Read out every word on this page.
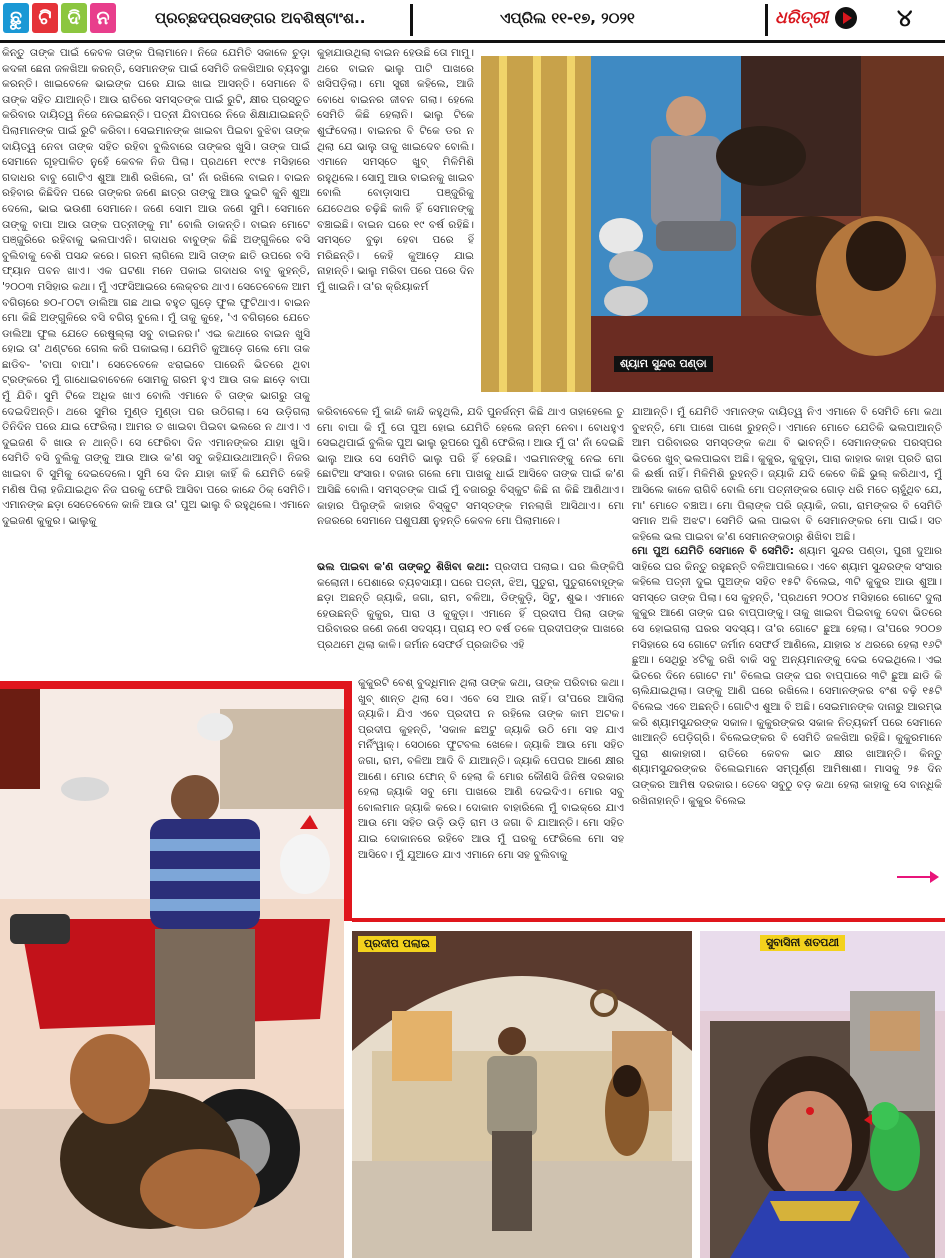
ଛୁ ଟି ଦି ନ	ପ୍ରଚ୍ଛଦପ୍ରସଙ୍ଗର ଅବଶିଷ୍ଟାଂଶ..	ଏପ୍ରିଲ ୧୧-୧୭, ୨୦୨୧	ଧରିତ୍ରୀ	୪

କିନ୍ତୁ ତାଙ୍କ ପାଇଁ କେବଳ ତାଙ୍କ ପିଲାମାନେ। ନିଜେ ଯେମିତି ସକାଳେ ଚୁଡ଼ା କଦଳୀ ଛେନା ଜଳଖିଆ କରନ୍ତି, ସେମାନଙ୍କ ପାଇଁ ସେମିତି ଜଳଖିଆର ବ୍ୟବସ୍ଥା କରନ୍ତି। ଖାଇବେଳେ ଭାଇଙ୍କ ଘରେ ଯାଇ ଖାଇ ଆସନ୍ତି। ସେମାନେ ବି ତାଙ୍କ ସହିତ ଯାଆନ୍ତି। ଆଉ ରାତିରେ ସମସ୍ତଙ୍କ ପାଇଁ ରୁଟି, କ୍ଷୀର ପ୍ରସ୍ତୁତ କରିବାର ଦାୟିତ୍ୱ ନିଜେ ନେଇଛନ୍ତି। ପତ୍ନୀ ଯିବାପରେ ନିଜେ ଶିକ୍ଷାଯାଇଛନ୍ତି ପିଲାମାନଙ୍କ ପାଇଁ ରୁଟି କରିବା। ସେଇମାନଙ୍କ ଖାଇବା ପିଇବା ବୁଝିବା ତାଙ୍କ ଦାୟିତ୍ୱ ନେବା ତାଙ୍କ ସହିତ ରହିବା ବୁଲିବାରେ ତାଙ୍କର ଖୁସି। ତାଙ୍କ ପାଇଁ ସେମାନେ ଗୃହପାଳିତ ନୁହେଁ କେବଳ ନିଜ ପିଲା। ପ୍ରଥମେ ୧୯୯୫ ମସିହାରେ ଗଦାଧର ବାବୁ ଗୋଟିଏ ଶୁଆ ଆଣି ରଖିଲେ, ତା' ନାଁ ରଖିଲେ ବାଇନ। ବାଇନ ରହିବାର କିଛିଦିନ ପରେ ତାଙ୍କର ଜଣେ ଛାତ୍ର ତାଙ୍କୁ ଆଉ ଦୁଇଟି କୁନି ଶୁଆ ଦେଲେ, ଭାଇ ଭଉଣୀ ସେମାନେ। ଜଣେ ସୋମ ଆଉ ଜଣେ ସୁମି। ସେମାନେ ତାଙ୍କୁ ବାପା ଆଉ ତାଙ୍କ ପତ୍ନୀଙ୍କୁ ମା' ବୋଲି ଡାକନ୍ତି। ବାଇନ ମୋଟେ ପଞ୍ଜୁରିରେ ରହିବାକୁ ଭଲପାଏନି। ଗଦାଧର ବାବୁଙ୍କ କିଛି ଅଙ୍ଗୁଳିରେ ବସି ବୁଲିବାକୁ ବେଶି ପସନ୍ଦ କରେ। ଗରମ ଲାଗିଲେ ଆସି ତାଙ୍କ ଛାତି ଉପରେ ବସି ଫ୍ୟାନ ପବନ ଖାଏ। ଏକ ଘଟଣା ମନେ ପକାଇ ଗଦାଧର ବାବୁ କୁହନ୍ତି, '୨୦୦୩ ମସିହାର କଥା। ମୁଁ ଏଫସିଆଇରେ ଲେକ୍ଚର ଥାଏ। ସେତେବେଳେ ଆମ ବଗିଚାରେ ୭୦-୮୦ଟା ଡାଲିଆ ଗଛ ଥାଇ ବହୁତ ଗୁଡ଼େ ଫୁଲ ଫୁଟିଥାଏ। ବାଇନ ମୋ କିଛି ଅଙ୍ଗୁଳିରେ ବସି ବଗିଚା ବୁଲେ। ମୁଁ ତାକୁ କୁହେ, 'ଏ ବଗିଚାରେ ଯେତେ ଡାଲିଆ ଫୁଲ ଯେତେ ରେଷୁଲ୍ଲା ସବୁ ବାଇନର।' ଏଇ କଥାରେ ବାଇନ ଖୁସି ହୋଇ ତା' ଥଣ୍ଟରେ ଗେଲ କରି ପକାଇଲା। ଯେମିତି କୁଆଡ଼େ ଗଲେ ମୋ ତାକ ଛାଡିବ- 'ବାପା ବାପା'। ସେତେବେଳେ ଝରାଇବେ ପାରେନି ଭିତରେ ଥିବା ଟ୍ରଙ୍କରେ ମୁଁ ଗାଧୋଇବାବେଳେ ସୋମକୁ ଗରମ ହୁଏ ଆଉ ତାକ ଛାଡ଼େ ବାପା ମୁଁ ଯିବି। ସୁମି ଟିକେ ଅଧିକ ଖାଏ ବୋଲି ଏମାନେ ବି ତାଙ୍କ ଭାଗରୁ ତାକୁ ଦେଇଦିଅନ୍ତି। ଥରେ ସୁମିର ମୁଣ୍ଡ ମୁଣ୍ଡା ପର ଉଠିଗଲା। ସେ ଉଡ଼ିଗଲା ତିନିଦିନ ପରେ ଯାଇ ଫେରିଲା। ଆମର ତ ଖାଇବା ପିଇବା ଭଲରେ ନ ଥାଏ। ଏ ଦୁଇଜଣ ବି ଖାଉ ନ ଥାନ୍ତି। ସେ ଫେରିବା ଦିନ ଏମାନଙ୍କର ଯାହା ଖୁସି। ସେମିତି ବସି ବୁଲିକୁ ତାଙ୍କୁ ଆଉ ଆଉ କ'ଣ ସବୁ କହିଯାଉଥାଆନ୍ତି। ନିଜର ଖାଇବା ବି ସୁମିକୁ ଦେଇଦେଲେ। ସୁମି ସେ ଦିନ ଯାହା କାହିଁ କି ଯେମିତି କେହି ମଣିଷ ପିଲା ହଜିଯାଇଥିବ ନିଜ ଘରକୁ ଫେରି ଆସିବା ପରେ କାନ୍ଦେ ଠିକ୍ ସେମିତି। ଏମାନଙ୍କ ଛଡ଼ା ସେତେବେଳେ କାଳି ଆଉ ତା' ପୁଅ ଭାଲୁ ବି ରହୁଥିଲେ। ଏମାନେ ଦୁଇଜଣ କୁକୁର। ଭାଲୁକୁ

କୁହାଯାଉଥିଲା ବାଇନ ହେଉଛି ତୋ ମାମୁ। ଥରେ ବାଇନ ଭାଲୁ ପାଟି ପାଖରେ ଖସିପଡ଼ିଲା। ମୋ ସ୍ତ୍ରୀ କହିଲେ, ଆଜି ବୋଧେ ବାଇନର ଜୀବନ ଗଲା। ହେଲେ ସେମିତି କିଛି ହେଲାନି। ଭାଲୁ ଟିକେ ଶୁଙ୍ଘିଦେଲା। ବାଇନର ବି ଟିକେ ଡର ନ ଥିଲା ଯେ ଭାଲୁ ତାକୁ ଖାଇଦେବ ବୋଲି। ଏମାନେ ସମସ୍ତେ ଖୁବ୍ ମିଳିମିଶି ରହୁଥିଲେ। ସୋମୁ ଆଉ ବାଇନକୁ ଖାଇବ ବୋଲି ବୋଡ଼ାସାପ ପଞ୍ଜୁରିକୁ ଯେତେଥର ଚଢ଼ିଛି କାଳି ହିଁ ସେମାନଙ୍କୁ ବଞ୍ଚାଇଛି। ବାଇନ ଘରେ ୧୯ ବର୍ଷ ରହିଛି। ସମସ୍ତେ ବୁଢ଼ା ହେବା ପରେ ହିଁ ମରିଛନ୍ତି। କେହି କୁଆଡ଼େ ଯାଇ ନାହାନ୍ତି। ଭାଲୁ ମରିବା ପରେ ପରେ ଦିନ ମୁଁ ଖାଇନି। ତା'ର କ୍ରିୟାକର୍ମ

ଶ୍ୟାମ ସୁନ୍ଦର ପଣ୍ଡା

କରିବାବେଳେ ମୁଁ କାନ୍ଦି କାନ୍ଦି କହୁଥିଲି, ଯଦି ପୁନର୍ଜନ୍ମ କିଛି ଥାଏ ତାହାହେଲେ ତୁ ମୋ ବାପା କି ମୁଁ ତୋ ପୁଅ ହୋଇ ଯେମିତି ହେଲେ ଜନ୍ମ ନେବା। ବୋଧହୁଏ ସେଇଥିପାଇଁ ବୁଲିକ ପୁଅ ଭାଲୁ ରୂପରେ ପୁଣି ଫେରିଲା। ଆଉ ମୁଁ ତା' ନାଁ ଦେଇଛି ଭାଲୁ ଆଉ ସେ ସେମିତି ଭାଲୁ ପରି ହିଁ ହେଉଛି। ଏଇମାନଙ୍କୁ ନେଇ ମୋ ଛୋଟିଆ ସଂସାର। ବଜାର ଗଲେ ମୋ ପାଖକୁ ଧାଇଁ ଆସିବେ ତାଙ୍କ ପାଇଁ କ'ଣ ଆସିଛି ବୋଲି। ସମସ୍ତଙ୍କ ପାଇଁ ମୁଁ ବଜାରରୁ ବିସ୍କୁଟ କିଛି ନା କିଛି ଆଣିଥାଏ। କାହାର ପିଲୁଙ୍କି କାହାର ବିସ୍କୁଟ ସମସ୍ତଙ୍କ ମନଲାଖି ଆସିଥାଏ। ମୋ ନଜରରେ ସେମାନେ ପଶୁପକ୍ଷୀ ନୁହନ୍ତି କେବଳ ମୋ ପିଲାମାନେ।

ଭଲ ପାଇବା କ'ଣ ତାଙ୍କଠୁ ଶିଖିବା କଥା: ପ୍ରଦୀପ ପଲାଇ। ଘର ଲିଙ୍କିପି କଲୋନୀ। ପେଶାରେ ବ୍ୟବସାୟୀ। ଘରେ ପତ୍ନୀ, ଝିଅ, ପୁତୁରା, ପୁତୁରାବୋହୂଙ୍କ ଛଡ଼ା ଅଛନ୍ତି ଜ୍ୟାକି, ଜଗା, ରାମ, ବଳିଆ, ଡିଙ୍କୁଡ଼ି, ସିଟୁ, ଶୁଭ। ଏମାନେ ହେଉଛନ୍ତି କୁକୁର, ପାରା ଓ କୁକୁଡ଼ା। ଏମାନେ ହିଁ ପ୍ରଦୀପ ପିଲା ତାଙ୍କ ପରିବାରର ଜଣେ ଜଣେ ସଦସ୍ୟ। ପ୍ରାୟ ୧୦ ବର୍ଷ ତଳେ ପ୍ରଦୀପଙ୍କ ପାଖରେ ପ୍ରଥମେ ଥିଲା କାଳି। ଜର୍ମାନ ସେଫର୍ଡ ପ୍ରଜାତିର ଏହି

କୁକୁରଟି ବେଶ୍ ବୁଦ୍ଧିମାନ ଥିଲା ତାଙ୍କ କଥା, ତାଙ୍କ ପରିବାର କଥା। ଖୁବ୍ ଶାନ୍ତ ଥିଲା ସେ। ଏବେ ସେ ଆଉ ନାହିଁ। ତା'ପରେ ଆସିଲା ଜ୍ୟାକି। ଯିଏ ଏବେ ପ୍ରଦୀପ ନ ରହିଲେ ତାଙ୍କ କାମ ଅଟକ। ପ୍ରଦୀପ କୁହନ୍ତି, 'ସକାଳ ଛଅଟୁ ଜ୍ୟାକି ଉଠି ମୋ ସହ ଯାଏ ମର୍ନିଂୱାକ୍। ସେଠାରେ ଫୁଟବଲ ଖେଳେ। ଜ୍ୟାକି ଆଉ ମୋ ସହିତ ଜଗା, ରାମ, ବଳିଆ ଆଦି ବି ଯାଆନ୍ତି। ଜ୍ୟାକି ପେପର ଆଣେ କ୍ଷୀର ଆଣେ। ମୋର ଫୋନ୍ ବି ହେଲା କି ମୋର କୌଣସି ଜିନିଷ ଦରକାର ହେଲା ଜ୍ୟାକି ସବୁ ମୋ ପାଖରେ ଆଣି ଦେଇଦିଏ। ମୋର ସବୁ ବୋଲମାନ ଜ୍ୟାକି କରେ। ଦୋକାନ ବାହାରିଲେ ମୁଁ ବାଇକ୍‌ରେ ଯାଏ ଆଉ ମୋ ସହିତ ଉଡ଼ି ଉଡ଼ି ରାମ ଓ ଜଗା ବି ଯାଆନ୍ତି। ମୋ ସହିତ ଯାଇ ଦୋକାନରେ ରହିବେ ଆଉ ମୁଁ ଘରକୁ ଫେରିଲେ ମୋ ସହ ଆସିବେ। ମୁଁ ଯୁଆଡେ ଯାଏ ଏମାନେ ମୋ ସହ ବୁଲିବାକୁ

ଯାଆନ୍ତି। ମୁଁ ଯେମିତି ଏମାନଙ୍କ ଦାୟିତ୍ୱ ନିଏ ଏମାନେ ବି ସେମିତି ମୋ କଥା ବୁଝନ୍ତି, ମୋ ପାଖେ ପାଖେ ରୁହନ୍ତି। ଏମାନେ ମୋତେ ଯେତିକି ଭଲପାଆନ୍ତି ଆମ ପରିବାରର ସମସ୍ତଙ୍କ କଥା ବି ଭାବନ୍ତି। ସେମାନଙ୍କର ପରସ୍ପର ଭିତରେ ଖୁବ୍ ଭଲପାଇବା ଅଛି। କୁକୁର, କୁକୁଡ଼ା, ପାରା କାହାର କାହା ପ୍ରତି ରାଗ କି ଈର୍ଷା ନାହିଁ। ମିଳିମିଶି ରୁହନ୍ତି। ଜ୍ୟାକି ଯଦି କେବେ କିଛି ଭୁଲ୍ କରିଥାଏ, ମୁଁ ଆସିଲେ କାଳେ ରାଗିବି ବୋଲି ମୋ ପତ୍ନୀଙ୍କର ଗୋଡ଼ ଧରି ମତେ ଚାହୁଁଥିବ ଯେ, ମା' ମୋତେ ବଞ୍ଚାଅ। ମୋ ପିଲାଙ୍କ ପରି ଜ୍ୟାକି, ଜଗା, ରାମଙ୍କର ବି ସେମିତି ସମାନ ଅଳି ଅଝଟ। ସେମିତି ଭଲ ପାଇବା ବି ସେମାନଙ୍କର ମୋ ପାଇଁ। ସତ କହିଲେ ଭଲ ପାଇବା କ'ଣ ସେମାନଙ୍କଠାରୁ ଶିଖିବା ଅଛି।

ମୋ ପୁଅ ଯେମିତି ସେମାନେ ବି ସେମିତି: ଶ୍ୟାମ ସୁନ୍ଦର ପଣ୍ଡା, ପୁରୀ ଦୁଆର ସାହିରେ ଘର କିନ୍ତୁ ରହୁଛନ୍ତି ବଳିଆପାଲରେ। ଏବେ ଶ୍ୟାମ ସୁନ୍ଦରଙ୍କ ସଂସାର କହିଲେ ପତ୍ନୀ ଦୁଇ ପୁଅଙ୍କ ସହିତ ୧୫ଟି ବିଲେଇ, ୩ଟି କୁକୁର ଆଉ ଶୁଆ। ସମସ୍ତେ ତାଙ୍କ ପିଲା। ସେ କୁହନ୍ତି, 'ପ୍ରଥମେ ୨୦୦୪ ମସିହାରେ ଗୋଟେ ଦୁଲା କୁକୁର ଆଣେ ତାଙ୍କ ଘର ବାପ୍ପାଙ୍କୁ। ତାକୁ ଖାଇବା ପିଇବାକୁ ଦେବା ଭିତରେ ସେ ହୋଇଗଲା ଘରର ସଦସ୍ୟ। ତା'ର ଗୋଟେ ଛୁଆ ହେଲା। ତା'ପରେ ୨୦୦୭ ମସିହାରେ ସେ ଗୋଟେ ଜର୍ମାନ ସେଫର୍ଡ ଆଣିଲେ, ଯାହାର ୪ ଥରରେ ହେଲା ୧୬ଟି ଛୁଆ। ସେଥିରୁ ୪ଟିକୁ ରଖି ବାକି ସବୁ ଅନ୍ୟମାନଙ୍କୁ ଦେଇ ଦେଇଥିଲେ। ଏଇ ଭିତରେ ଦିନେ ଗୋଟେ ମା' ବିଲେଇ ତାଙ୍କ ଘର ବାପ୍ପାରେ ୩ଟି ଛୁଆ ଛାଡି କି ଚାଲିଯାଇଥିଲା। ତାଙ୍କୁ ଆଣି ଘରେ ରଖିଲେ। ସେମାନଙ୍କର ବଂଶ ବଢ଼ି ୧୫ଟି ବିଲେଇ ଏବେ ଅଛନ୍ତି। ଗୋଟିଏ ଶୁଆ ବି ଅଛି। ସେଇମାନଙ୍କ ଦାନାରୁ ଆରମ୍ଭ କରି ଶ୍ୟାମସୁନ୍ଦରଙ୍କ ସକାଳ। କୁକୁରଙ୍କର ସକାଳ ନିତ୍ୟକର୍ମ ପରେ ସେମାନେ ଖାଆନ୍ତି ପେଡ଼ିଗ୍ରି। ବିଲେଇଙ୍କର ବି ସେମିତି ଜଳଖିଆ ରହିଛି। କୁକୁରମାନେ ପୁରା ଶାକାହାରୀ। ରାତିରେ କେବଳ ଭାତ କ୍ଷୀର ଖାଆନ୍ତି। କିନ୍ତୁ ଶ୍ୟାମସୁନ୍ଦରଙ୍କର ବିଲେଇମାନେ ସମ୍ପୂର୍ଣ୍ଣ ଆମିଷାଶୀ। ମାସକୁ ୨୫ ଦିନ ତାଙ୍କର ଆମିଷ ଦରକାର। ତେବେ ସବୁଠୁ ବଡ଼ କଥା ହେଲା କାହାକୁ ସେ ବାନ୍ଧିକି ରଖିନାହାନ୍ତି। କୁକୁର ବିଲେଇ

ସୁବାସିନୀ ଶତପଥୀ
ପ୍ରଦୀପ ପଲାଇ
